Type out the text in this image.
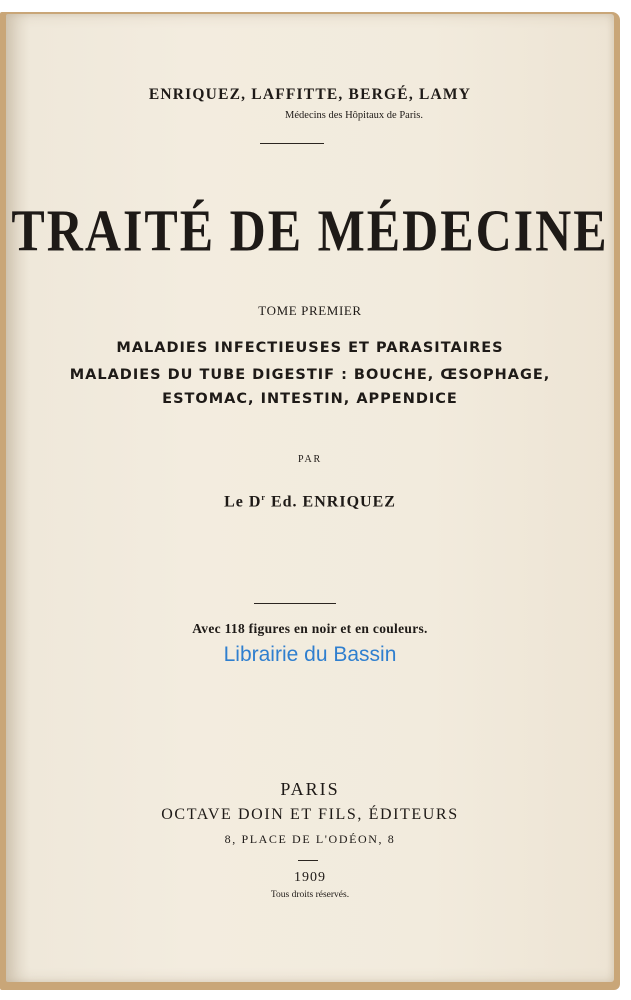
ENRIQUEZ, LAFFITTE, BERGÉ, LAMY
Médecins des Hôpitaux de Paris.
TRAITÉ DE MÉDECINE
TOME PREMIER
MALADIES INFECTIEUSES ET PARASITAIRES
MALADIES DU TUBE DIGESTIF : BOUCHE, ŒSOPHAGE,
ESTOMAC, INTESTIN, APPENDICE
PAR
Le $D^r$ Ed. ENRIQUEZ
Avec 118 figures en noir et en couleurs.
Librairie du Bassin
PARIS
OCTAVE DOIN ET FILS, ÉDITEURS
8, PLACE DE L'ODÉON, 8
1909
Tous droits réservés.
